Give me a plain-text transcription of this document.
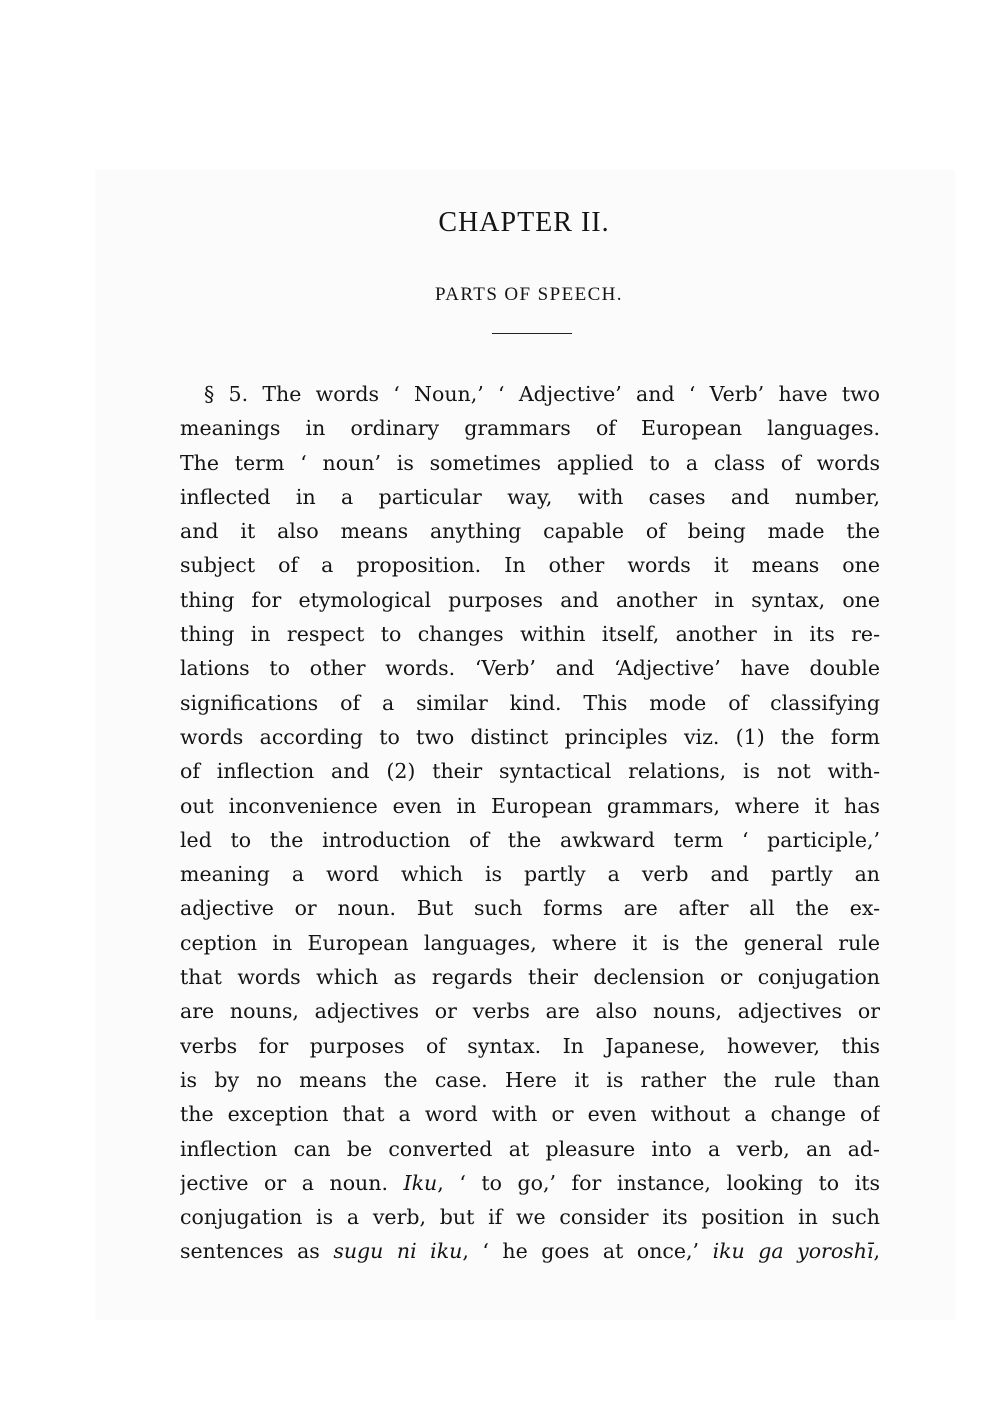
CHAPTER II.
PARTS OF SPEECH.
§ 5. The words ‘ Noun,’ ‘ Adjective’ and ‘ Verb’ have two
meanings in ordinary grammars of European languages.
The term ‘ noun’ is sometimes applied to a class of words
inflected in a particular way, with cases and number,
and it also means anything capable of being made the
subject of a proposition. In other words it means one
thing for etymological purposes and another in syntax, one
thing in respect to changes within itself, another in its re-
lations to other words. ‘Verb’ and ‘Adjective’ have double
significations of a similar kind. This mode of classifying
words according to two distinct principles viz. (1) the form
of inflection and (2) their syntactical relations, is not with-
out inconvenience even in European grammars, where it has
led to the introduction of the awkward term ‘ participle,’
meaning a word which is partly a verb and partly an
adjective or noun. But such forms are after all the ex-
ception in European languages, where it is the general rule
that words which as regards their declension or conjugation
are nouns, adjectives or verbs are also nouns, adjectives or
verbs for purposes of syntax. In Japanese, however, this
is by no means the case. Here it is rather the rule than
the exception that a word with or even without a change of
inflection can be converted at pleasure into a verb, an ad-
jective or a noun. Iku, ‘ to go,’ for instance, looking to its
conjugation is a verb, but if we consider its position in such
sentences as sugu ni iku, ‘ he goes at once,’ iku ga yoroshī,
